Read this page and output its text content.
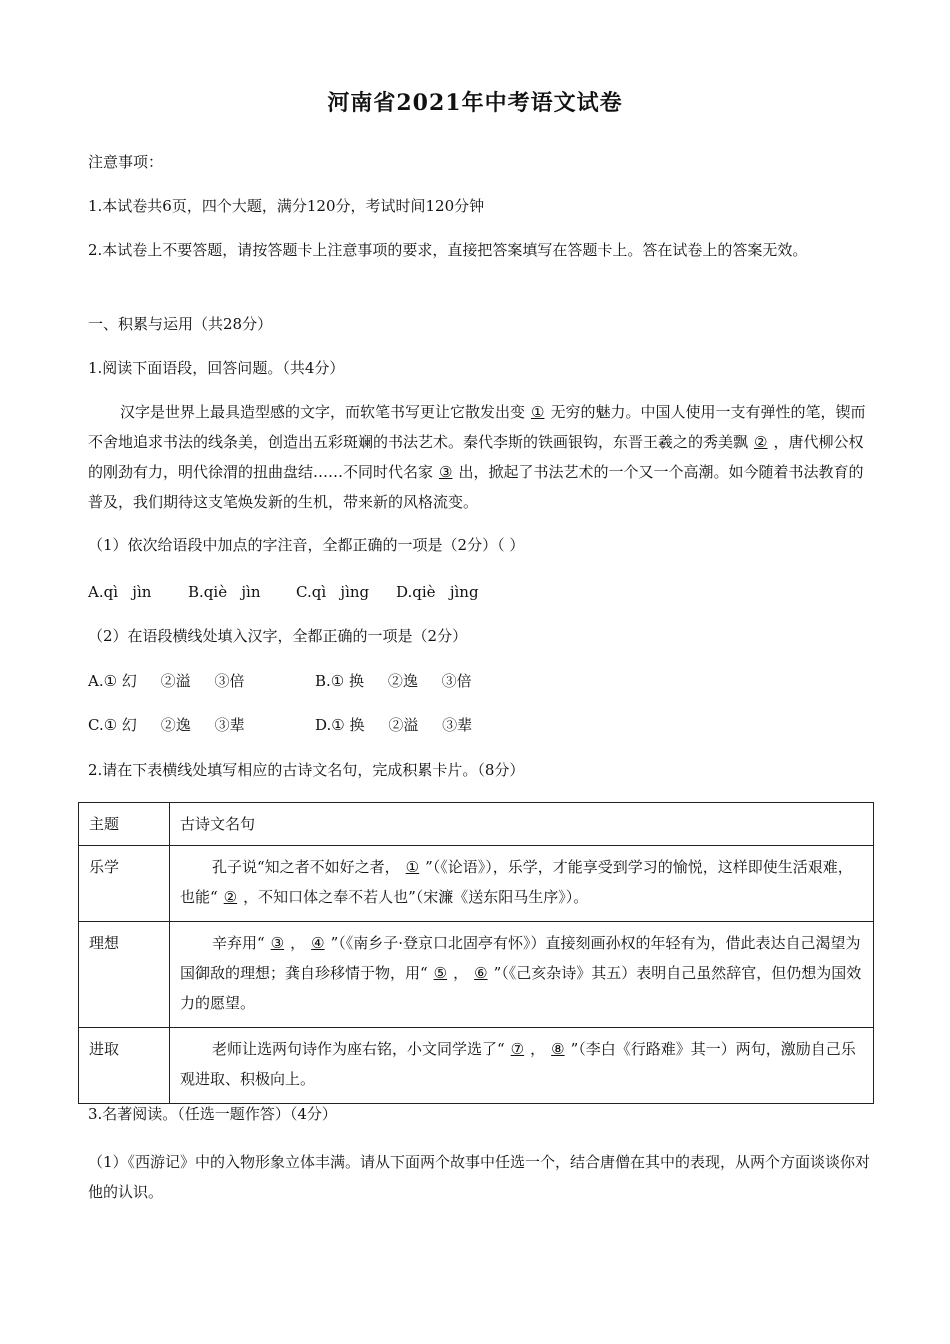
河南省2021年中考语文试卷
注意事项：
1.本试卷共6页，四个大题，满分120分，考试时间120分钟
2.本试卷上不要答题，请按答题卡上注意事项的要求，直接把答案填写在答题卡上。答在试卷上的答案无效。
一、积累与运用（共28分）
1.阅读下面语段，回答问题。（共4分）
汉字是世界上最具造型感的文字，而软笔书写更让它散发出变 ① 无穷的魅力。中国人使用一支有弹性的笔，锲而不舍地追求书法的线条美，创造出五彩斑斓的书法艺术。秦代李斯的铁画银钩，东晋王羲之的秀美飘 ② ，唐代柳公权的刚劲有力，明代徐渭的扭曲盘结……不同时代名家 ③ 出，掀起了书法艺术的一个又一个高潮。如今随着书法教育的普及，我们期待这支笔焕发新的生机，带来新的风格流变。
（1）依次给语段中加点的字注音，全都正确的一项是（2分）（ ）
A.qì   jìn B.qiè   jìn C.qì   jìng D.qiè   jìng
（2）在语段横线处填入汉字，全都正确的一项是（2分）
A.① 幻     ②溢     ③倍	B.① 换     ②逸     ③倍
C.① 幻     ②逸     ③辈	D.① 换     ②溢     ③辈
2.请在下表横线处填写相应的古诗文名句，完成积累卡片。（8分）
主题	古诗文名句
乐学	孔子说“知之者不如好之者， ① ”（《论语》），乐学，才能享受到学习的愉悦，这样即使生活艰难，也能“ ② ，不知口体之奉不若人也”（宋濂《送东阳马生序》）。
理想	辛弃用“ ③ ， ④ ”（《南乡子·登京口北固亭有怀》）直接刻画孙权的年轻有为，借此表达自己渴望为国御敌的理想；龚自珍移情于物，用“ ⑤ ， ⑥ ”（《己亥杂诗》其五）表明自己虽然辞官，但仍想为国效力的愿望。
进取	老师让选两句诗作为座右铭，小文同学选了“ ⑦ ， ⑧ ”（李白《行路难》其一）两句，激励自己乐观进取、积极向上。
3.名著阅读。（任选一题作答）（4分）
（1）《西游记》中的入物形象立体丰满。请从下面两个故事中任选一个，结合唐僧在其中的表现，从两个方面谈谈你对他的认识。
